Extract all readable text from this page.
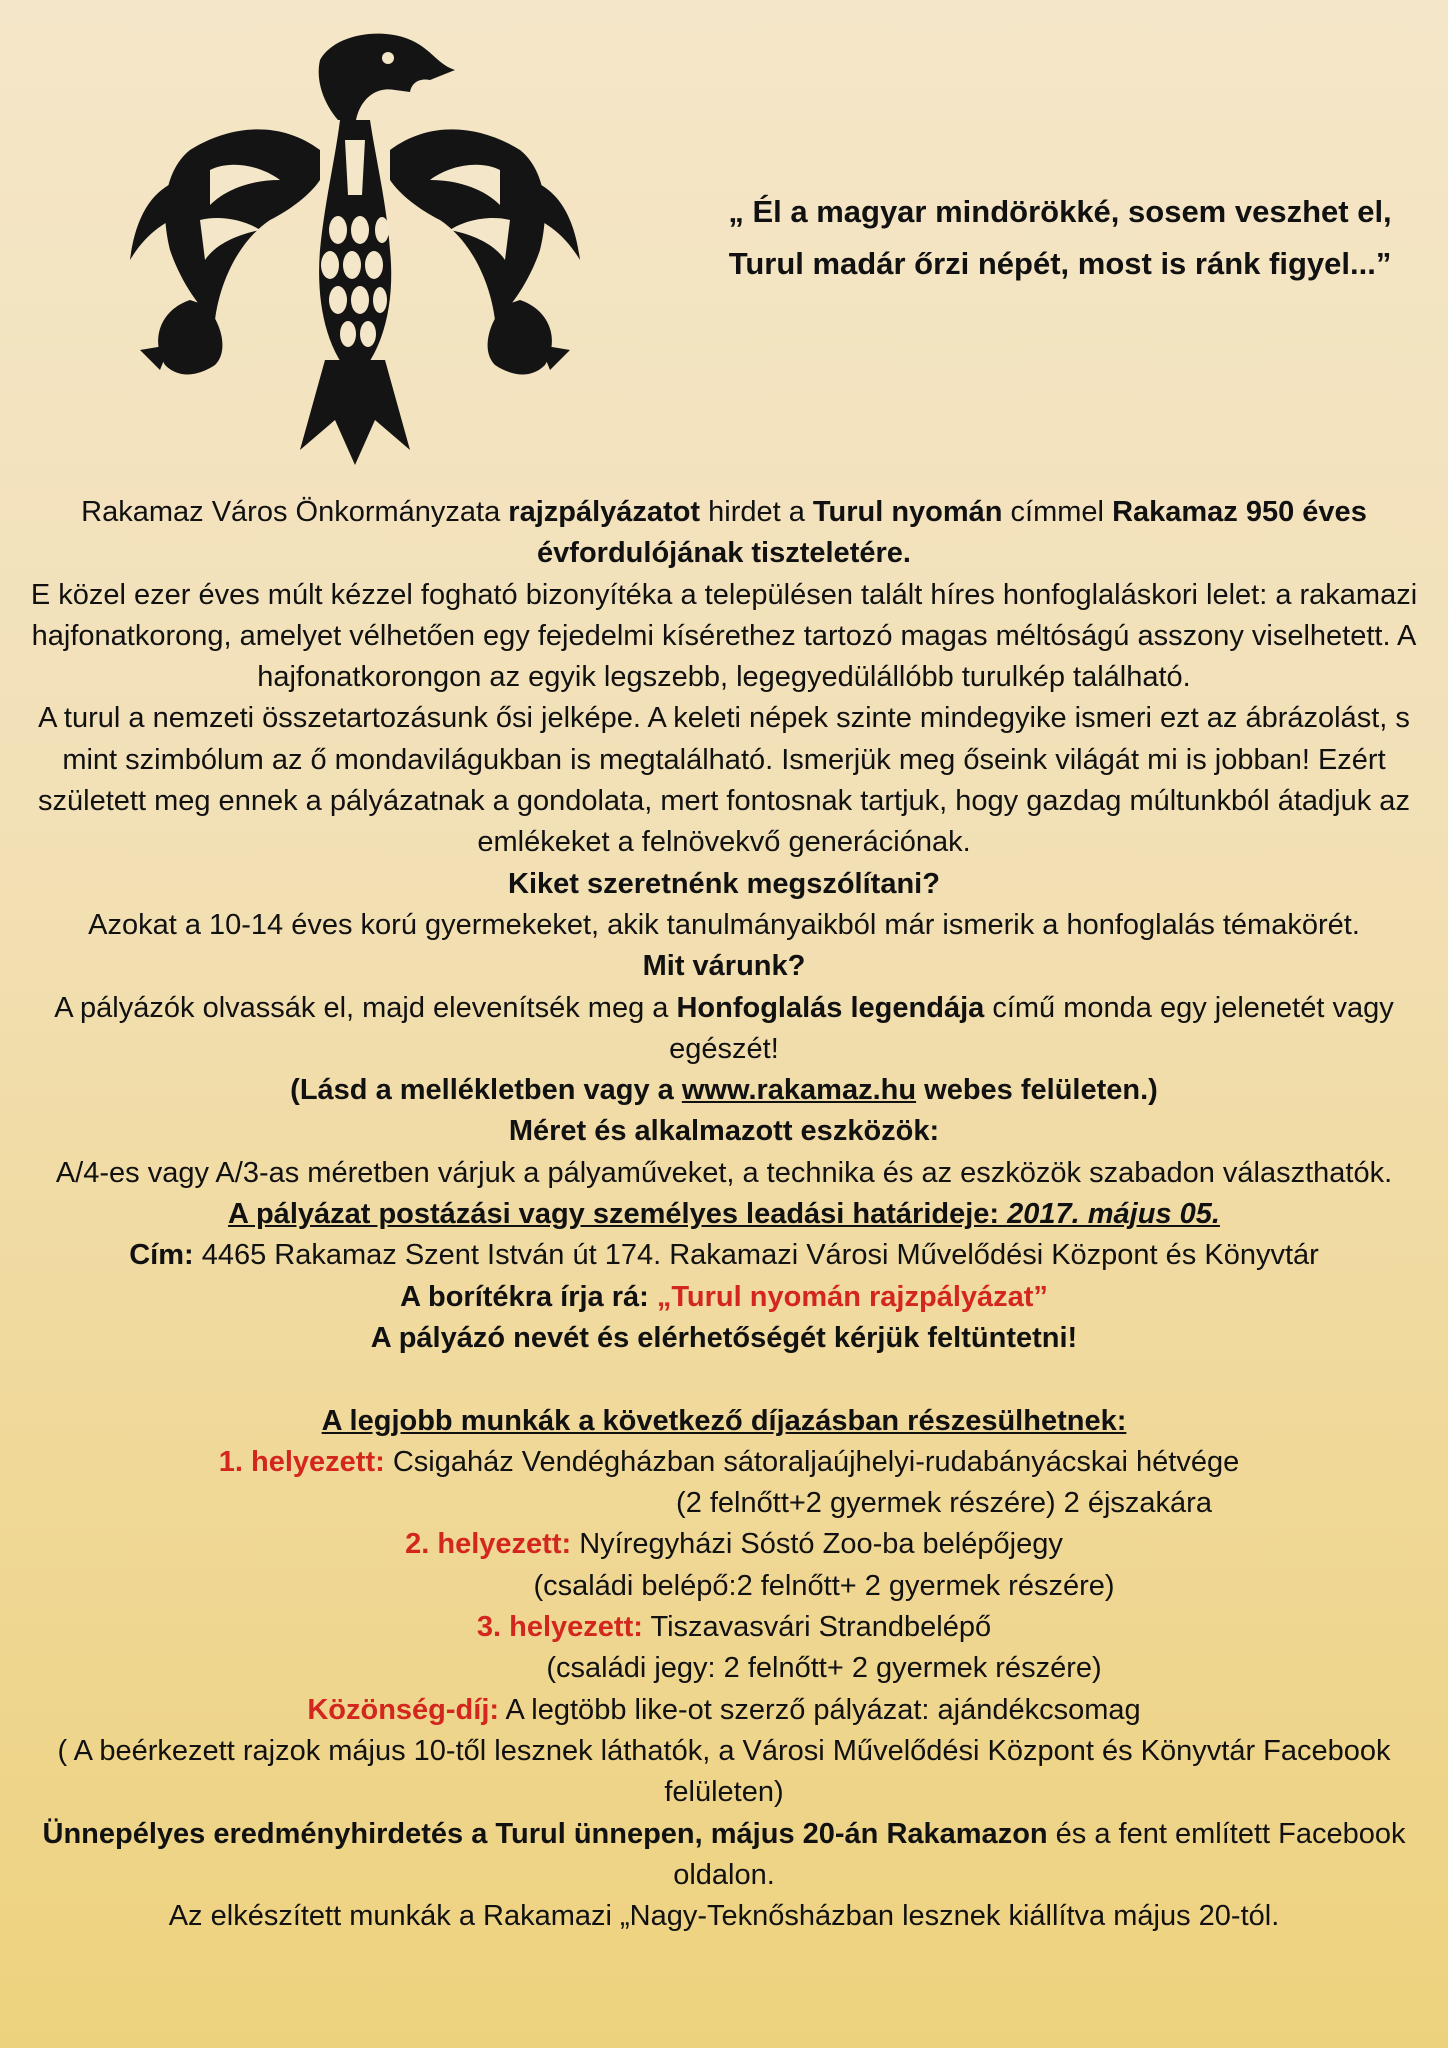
„ Él a magyar mindörökké, sosem veszhet el,
Turul madár őrzi népét, most is ránk figyel...”

Rakamaz Város Önkormányzata rajzpályázatot hirdet a Turul nyomán címmel Rakamaz 950 éves évfordulójának tiszteletére.

E közel ezer éves múlt kézzel fogható bizonyítéka a településen talált híres honfoglaláskori lelet: a rakamazi hajfonatkorong, amelyet vélhetően egy fejedelmi kísérethez tartozó magas méltóságú asszony viselhetett. A hajfonatkorongon az egyik legszebb, legegyedülállóbb turulkép található.

A turul a nemzeti összetartozásunk ősi jelképe. A keleti népek szinte mindegyike ismeri ezt az ábrázolást, s mint szimbólum az ő mondavilágukban is megtalálható. Ismerjük meg őseink világát mi is jobban! Ezért született meg ennek a pályázatnak a gondolata, mert fontosnak tartjuk, hogy gazdag múltunkból átadjuk az emlékeket a felnövekvő generációnak.

Kiket szeretnénk megszólítani?

Azokat a 10-14 éves korú gyermekeket, akik tanulmányaikból már ismerik a honfoglalás témakörét.

Mit várunk?

A pályázók olvassák el, majd elevenítsék meg a Honfoglalás legendája című monda egy jelenetét vagy egészét!

(Lásd a mellékletben vagy a www.rakamaz.hu webes felületen.)

Méret és alkalmazott eszközök:

A/4-es vagy A/3-as méretben várjuk a pályaműveket, a technika és az eszközök szabadon választhatók.

A pályázat postázási vagy személyes leadási határideje: 2017. május 05.

Cím: 4465 Rakamaz Szent István út 174. Rakamazi Városi Művelődési Központ és Könyvtár

A borítékra írja rá: „Turul nyomán rajzpályázat”

A pályázó nevét és elérhetőségét kérjük feltüntetni!

A legjobb munkák a következő díjazásban részesülhetnek:

1. helyezett: Csigaház Vendégházban sátoraljaújhelyi-rudabányácskai hétvége

(2 felnőtt+2 gyermek részére) 2 éjszakára

2. helyezett: Nyíregyházi Sóstó Zoo-ba belépőjegy

(családi belépő:2 felnőtt+ 2 gyermek részére)

3. helyezett: Tiszavasvári Strandbelépő

(családi jegy: 2 felnőtt+ 2 gyermek részére)

Közönség-díj: A legtöbb like-ot szerző pályázat: ajándékcsomag

( A beérkezett rajzok május 10-től lesznek láthatók, a Városi Művelődési Központ és Könyvtár Facebook felületen)

Ünnepélyes eredményhirdetés a Turul ünnepen, május 20-án Rakamazon és a fent említett Facebook oldalon.

Az elkészített munkák a Rakamazi „Nagy-Teknősházban lesznek kiállítva május 20-tól.
